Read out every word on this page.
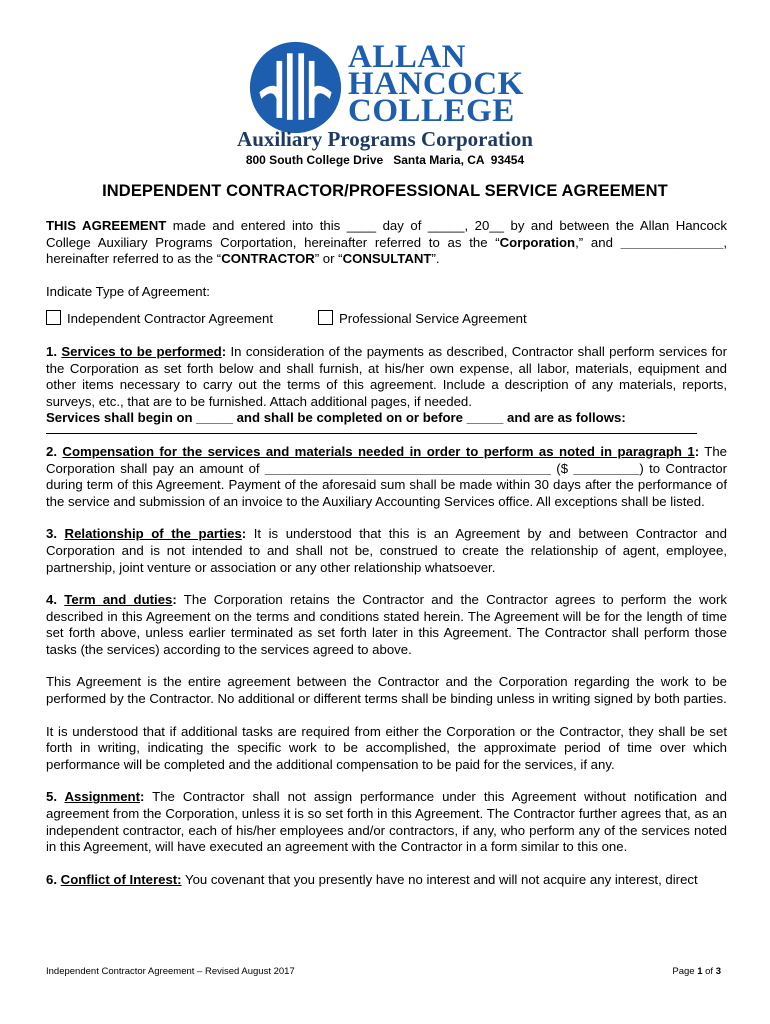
ALLAN
HANCOCK
COLLEGE
Auxiliary Programs Corporation
800 South College Drive   Santa Maria, CA  93454
INDEPENDENT CONTRACTOR/PROFESSIONAL SERVICE AGREEMENT

THIS AGREEMENT made and entered into this ____ day of _____, 20__ by and between the Allan Hancock College Auxiliary Programs Corportation, hereinafter referred to as the “Corporation,” and ______________, hereinafter referred to as the “CONTRACTOR” or “CONSULTANT”.

Indicate Type of Agreement:

Independent Contractor Agreement	Professional Service Agreement

1. Services to be performed: In consideration of the payments as described, Contractor shall perform services for the Corporation as set forth below and shall furnish, at his/her own expense, all labor, materials, equipment and other items necessary to carry out the terms of this agreement. Include a description of any materials, reports, surveys, etc., that are to be furnished. Attach additional pages, if needed.

Services shall begin on _____ and shall be completed on or before _____ and are as follows:

2. Compensation for the services and materials needed in order to perform as noted in paragraph 1: The Corporation shall pay an amount of _______________________________________ ($ _________) to Contractor during term of this Agreement. Payment of the aforesaid sum shall be made within 30 days after the performance of the service and submission of an invoice to the Auxiliary Accounting Services office. All exceptions shall be listed.

3. Relationship of the parties: It is understood that this is an Agreement by and between Contractor and Corporation and is not intended to and shall not be, construed to create the relationship of agent, employee, partnership, joint venture or association or any other relationship whatsoever.

4. Term and duties: The Corporation retains the Contractor and the Contractor agrees to perform the work described in this Agreement on the terms and conditions stated herein. The Agreement will be for the length of time set forth above, unless earlier terminated as set forth later in this Agreement. The Contractor shall perform those tasks (the services) according to the services agreed to above.

This Agreement is the entire agreement between the Contractor and the Corporation regarding the work to be performed by the Contractor. No additional or different terms shall be binding unless in writing signed by both parties.

It is understood that if additional tasks are required from either the Corporation or the Contractor, they shall be set forth in writing, indicating the specific work to be accomplished, the approximate period of time over which performance will be completed and the additional compensation to be paid for the services, if any.

5. Assignment: The Contractor shall not assign performance under this Agreement without notification and agreement from the Corporation, unless it is so set forth in this Agreement. The Contractor further agrees that, as an independent contractor, each of his/her employees and/or contractors, if any, who perform any of the services noted in this Agreement, will have executed an agreement with the Contractor in a form similar to this one.

6. Conflict of Interest: You covenant that you presently have no interest and will not acquire any interest, direct

Independent Contractor Agreement – Revised August 2017	Page 1 of 3
